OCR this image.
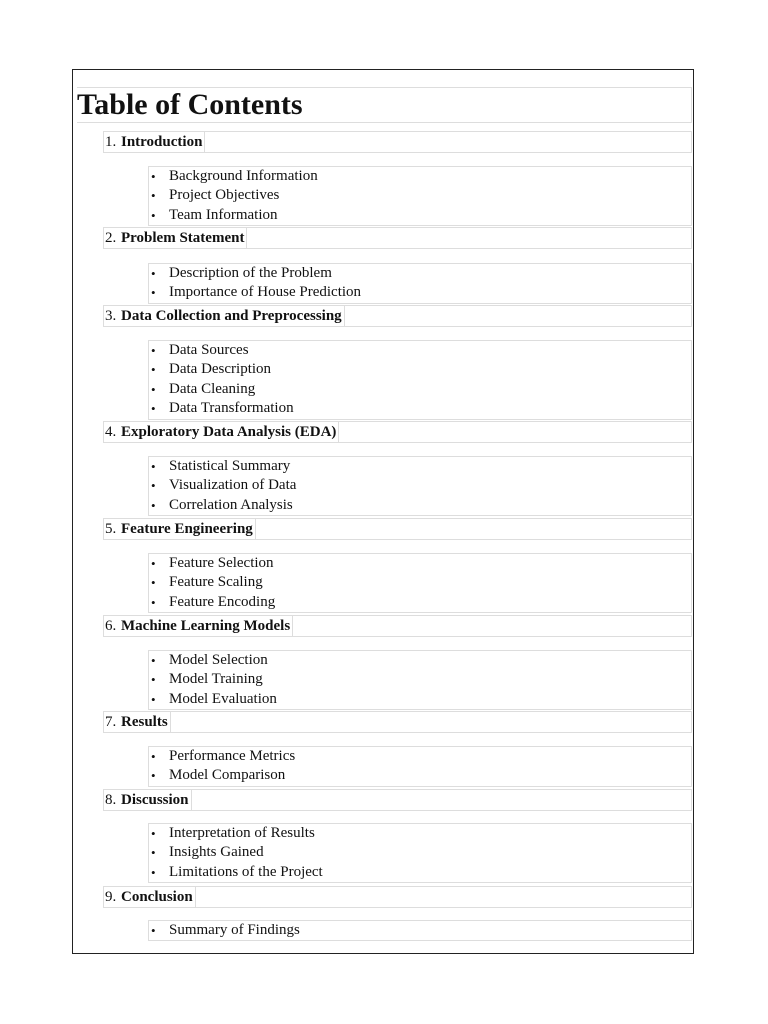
Table of Contents
1. Introduction
• Background Information
• Project Objectives
• Team Information
2. Problem Statement
• Description of the Problem
• Importance of House Prediction
3. Data Collection and Preprocessing
• Data Sources
• Data Description
• Data Cleaning
• Data Transformation
4. Exploratory Data Analysis (EDA)
• Statistical Summary
• Visualization of Data
• Correlation Analysis
5. Feature Engineering
• Feature Selection
• Feature Scaling
• Feature Encoding
6. Machine Learning Models
• Model Selection
• Model Training
• Model Evaluation
7. Results
• Performance Metrics
• Model Comparison
8. Discussion
• Interpretation of Results
• Insights Gained
• Limitations of the Project
9. Conclusion
• Summary of Findings
